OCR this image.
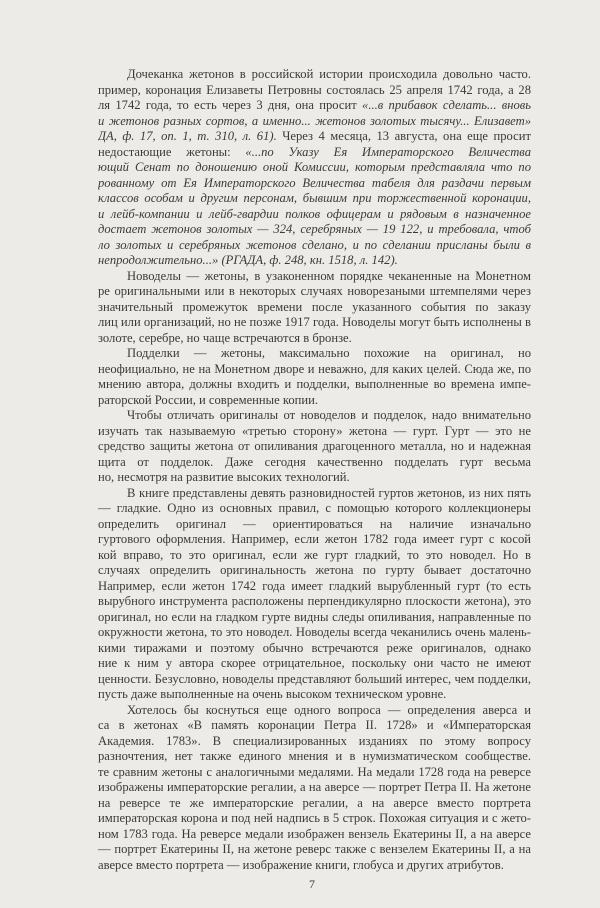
Дочеканка жетонов в российской истории происходила довольно часто.
пример, коронация Елизаветы Петровны состоялась 25 апреля 1742 года, а 28
ля 1742 года, то есть через 3 дня, она просит «...в прибавок сделать... вновь
и жетонов разных сортов, а именно... жетонов золотых тысячу... Елизавет»
ДА, ф. 17, оп. 1, т. 310, л. 61). Через 4 месяца, 13 августа, она еще просит
недостающие жетоны: «...по Указу Ея Императорского Величества
ющий Сенат по доношению оной Комиссии, которым представляла что по
рованному от Ея Императорского Величества табеля для раздачи первым
классов особам и другим персонам, бывшим при торжественной коронации,
и лейб-компании и лейб-гвардии полков офицерам и рядовым в назначенное
достает жетонов золотых — 324, серебряных — 19 122, и требовала, чтоб
ло золотых и серебряных жетонов сделано, и по сделании присланы были в
непродолжительно...» (РГАДА, ф. 248, кн. 1518, л. 142).
Новоделы — жетоны, в узаконенном порядке чеканенные на Монетном
ре оригинальными или в некоторых случаях новорезаными штемпелями через
значительный промежуток времени после указанного события по заказу
лиц или организаций, но не позже 1917 года. Новоделы могут быть исполнены в
золоте, серебре, но чаще встречаются в бронзе.
Подделки — жетоны, максимально похожие на оригинал, но
неофициально, не на Монетном дворе и неважно, для каких целей. Сюда же, по
мнению автора, должны входить и подделки, выполненные во времена импе-
раторской России, и современные копии.
Чтобы отличать оригиналы от новоделов и подделок, надо внимательно
изучать так называемую «третью сторону» жетона — гурт. Гурт — это не
средство защиты жетона от опиливания драгоценного металла, но и надежная
щита от подделок. Даже сегодня качественно подделать гурт весьма
но, несмотря на развитие высоких технологий.
В книге представлены девять разновидностей гуртов жетонов, из них пять
— гладкие. Одно из основных правил, с помощью которого коллекционеры
определить оригинал — ориентироваться на наличие изначально
гуртового оформления. Например, если жетон 1782 года имеет гурт с косой
кой вправо, то это оригинал, если же гурт гладкий, то это новодел. Но в
случаях определить оригинальность жетона по гурту бывает достаточно
Например, если жетон 1742 года имеет гладкий вырубленный гурт (то есть
вырубного инструмента расположены перпендикулярно плоскости жетона), это
оригинал, но если на гладком гурте видны следы опиливания, направленные по
окружности жетона, то это новодел. Новоделы всегда чеканились очень малень-
кими тиражами и поэтому обычно встречаются реже оригиналов, однако
ние к ним у автора скорее отрицательное, поскольку они часто не имеют
ценности. Безусловно, новоделы представляют больший интерес, чем подделки,
пусть даже выполненные на очень высоком техническом уровне.
Хотелось бы коснуться еще одного вопроса — определения аверса и
са в жетонах «В память коронации Петра II. 1728» и «Императорская
Академия. 1783». В специализированных изданиях по этому вопросу
разночтения, нет также единого мнения и в нумизматическом сообществе.
те сравним жетоны с аналогичными медалями. На медали 1728 года на реверсе
изображены императорские регалии, а на аверсе — портрет Петра II. На жетоне
на реверсе те же императорские регалии, а на аверсе вместо портрета
императорская корона и под ней надпись в 5 строк. Похожая ситуация и с жето-
ном 1783 года. На реверсе медали изображен вензель Екатерины II, а на аверсе
— портрет Екатерины II, на жетоне реверс также с вензелем Екатерины II, а на
аверсе вместо портрета — изображение книги, глобуса и других атрибутов.
7
